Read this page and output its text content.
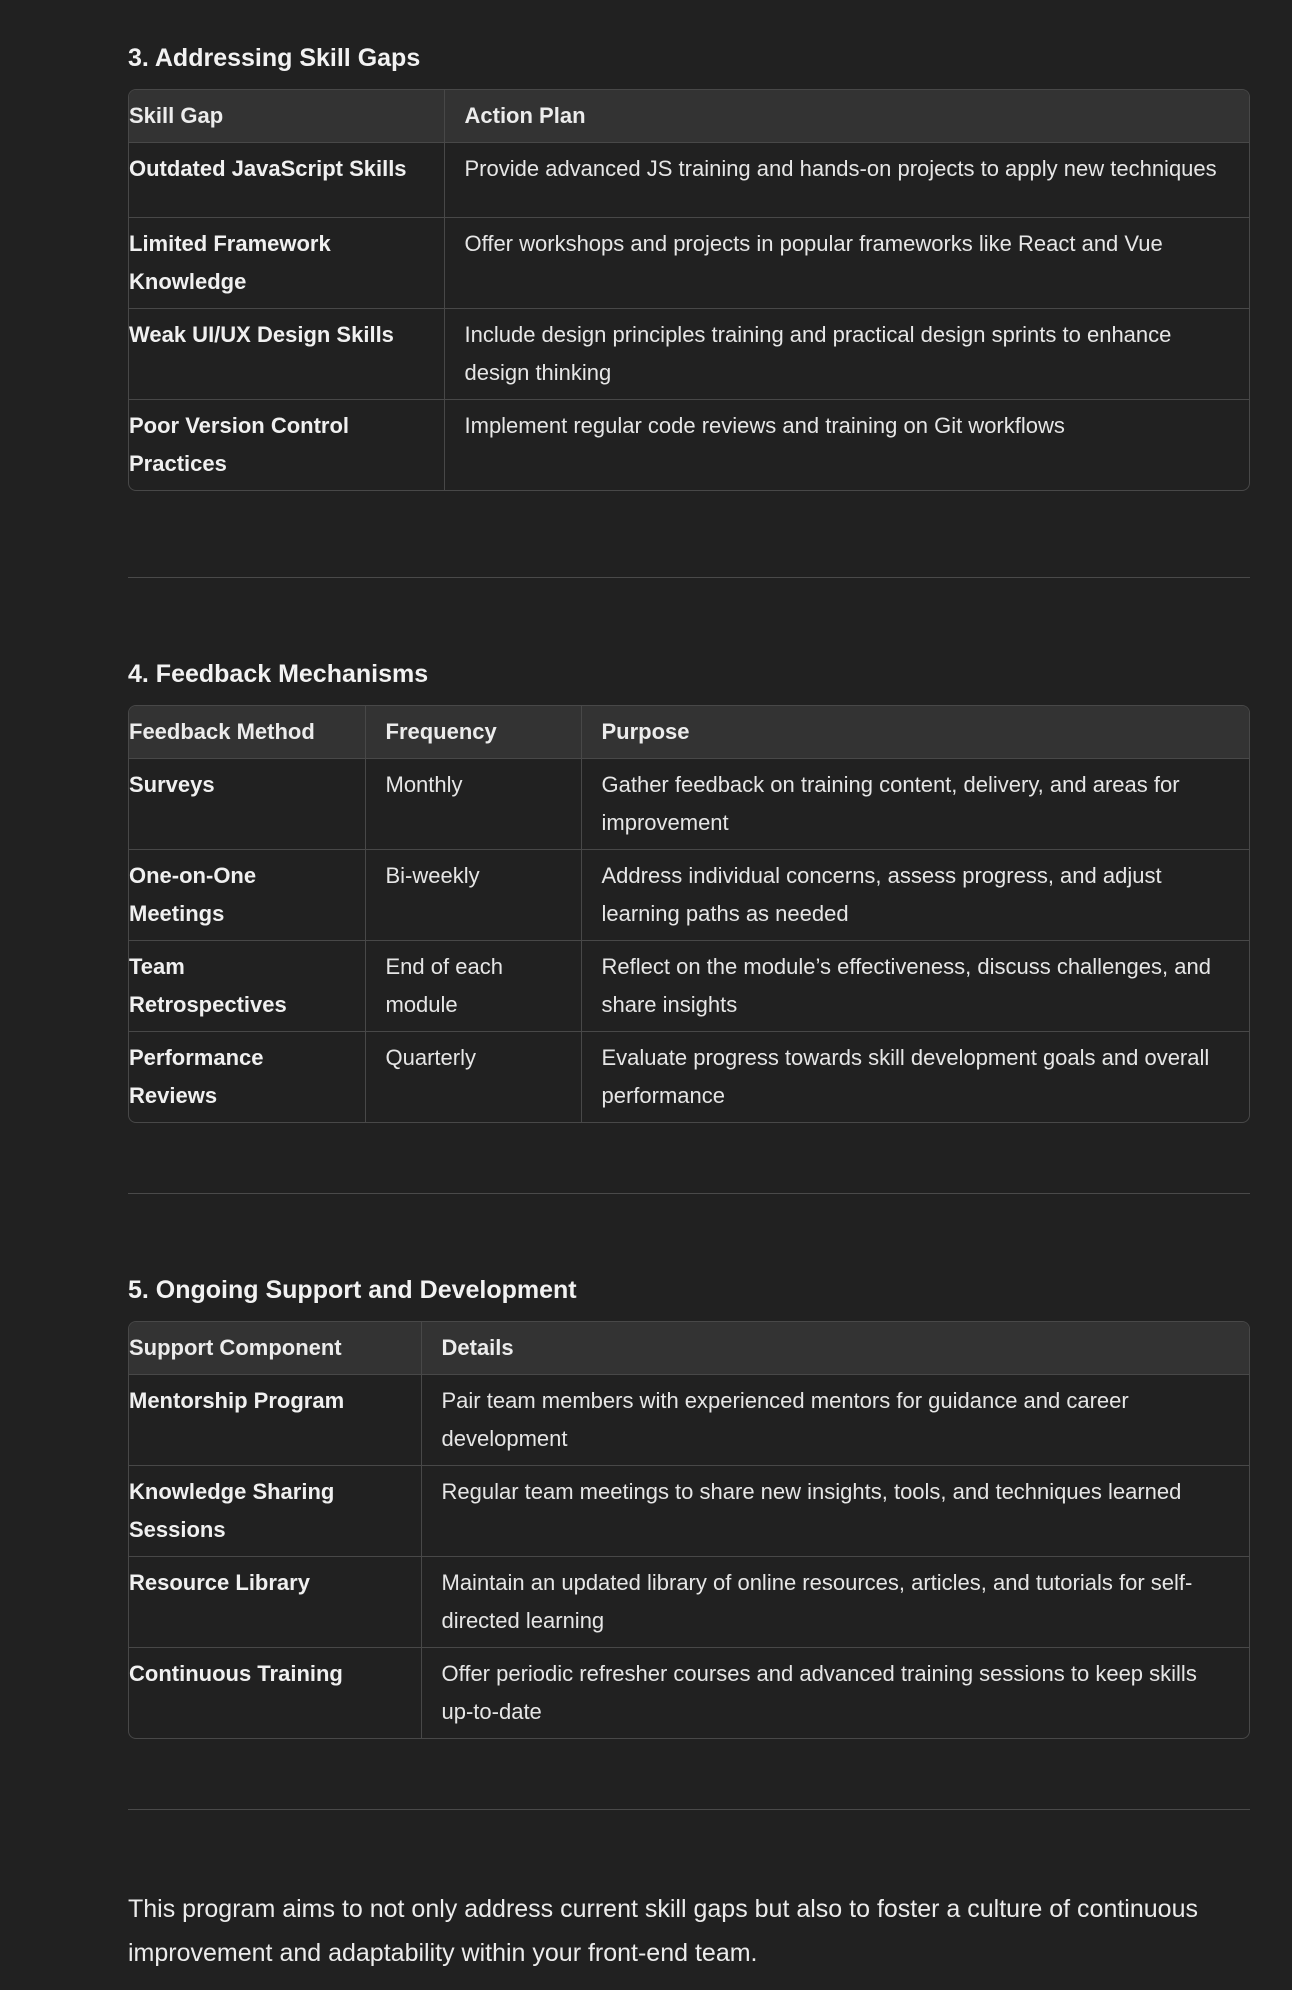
3. Addressing Skill Gaps
Skill Gap	Action Plan
Outdated JavaScript Skills	Provide advanced JS training and hands-on projects to apply new techniques
Limited Framework Knowledge	Offer workshops and projects in popular frameworks like React and Vue
Weak UI/UX Design Skills	Include design principles training and practical design sprints to enhance design thinking
Poor Version Control Practices	Implement regular code reviews and training on Git workflows
4. Feedback Mechanisms
Feedback Method	Frequency	Purpose
Surveys	Monthly	Gather feedback on training content, delivery, and areas for improvement
One-on-One Meetings	Bi-weekly	Address individual concerns, assess progress, and adjust learning paths as needed
Team Retrospectives	End of each module	Reflect on the module’s effectiveness, discuss challenges, and share insights
Performance Reviews	Quarterly	Evaluate progress towards skill development goals and overall performance
5. Ongoing Support and Development
Support Component	Details
Mentorship Program	Pair team members with experienced mentors for guidance and career development
Knowledge Sharing Sessions	Regular team meetings to share new insights, tools, and techniques learned
Resource Library	Maintain an updated library of online resources, articles, and tutorials for self-directed learning
Continuous Training	Offer periodic refresher courses and advanced training sessions to keep skills up-to-date

This program aims to not only address current skill gaps but also to foster a culture of continuous improvement and adaptability within your front-end team.
